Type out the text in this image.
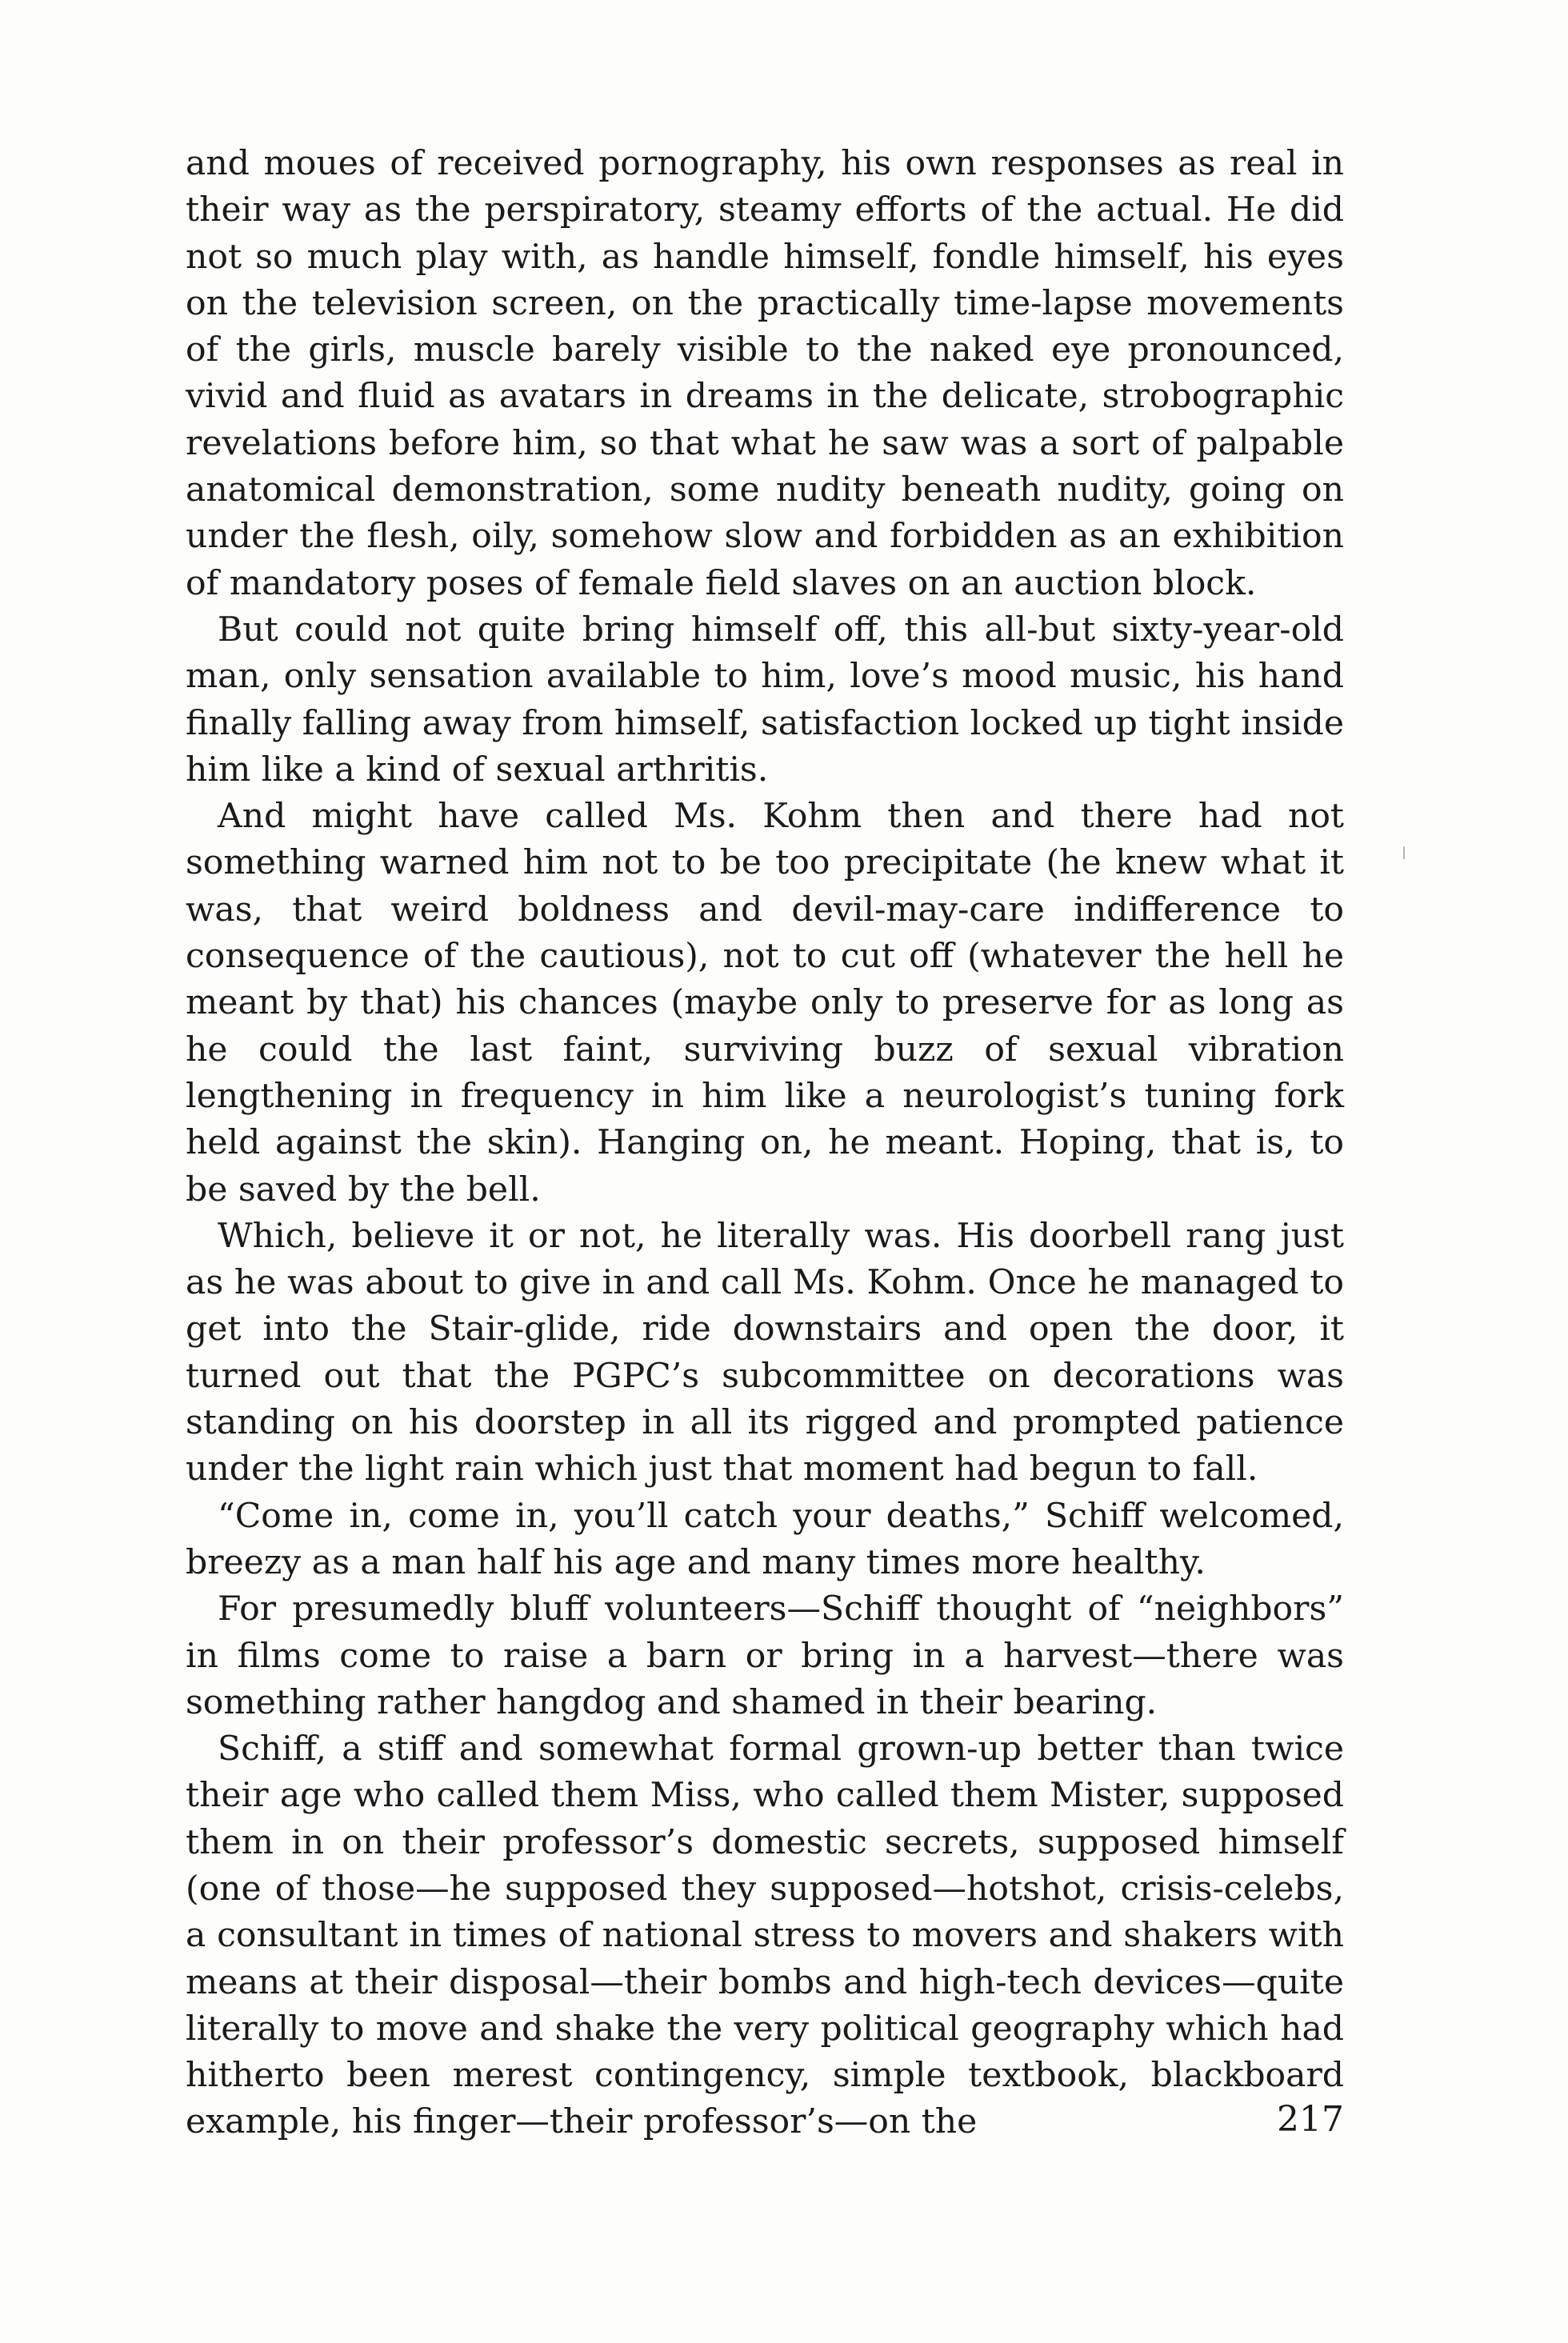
and moues of received pornography, his own responses as real in their way as the perspiratory, steamy efforts of the actual. He did not so much play with, as handle himself, fondle himself, his eyes on the television screen, on the practically time-lapse movements of the girls, muscle barely visible to the naked eye pronounced, vivid and fluid as avatars in dreams in the delicate, strobographic revelations before him, so that what he saw was a sort of palpable anatomical demonstration, some nudity beneath nudity, going on under the flesh, oily, somehow slow and forbidden as an exhibition of mandatory poses of female field slaves on an auction block.

But could not quite bring himself off, this all-but sixty-year-old man, only sensation available to him, love’s mood music, his hand finally falling away from himself, satisfaction locked up tight inside him like a kind of sexual arthritis.

And might have called Ms. Kohm then and there had not something warned him not to be too precipitate (he knew what it was, that weird boldness and devil-may-care indifference to consequence of the cautious), not to cut off (whatever the hell he meant by that) his chances (maybe only to preserve for as long as he could the last faint, surviving buzz of sexual vibration lengthening in frequency in him like a neurologist’s tuning fork held against the skin). Hanging on, he meant. Hoping, that is, to be saved by the bell.

Which, believe it or not, he literally was. His doorbell rang just as he was about to give in and call Ms. Kohm. Once he managed to get into the Stair-glide, ride downstairs and open the door, it turned out that the PGPC’s subcommittee on decorations was standing on his doorstep in all its rigged and prompted patience under the light rain which just that moment had begun to fall.

“Come in, come in, you’ll catch your deaths,” Schiff welcomed, breezy as a man half his age and many times more healthy.

For presumedly bluff volunteers—Schiff thought of “neighbors” in films come to raise a barn or bring in a harvest—there was something rather hangdog and shamed in their bearing.

Schiff, a stiff and somewhat formal grown-up better than twice their age who called them Miss, who called them Mister, supposed them in on their professor’s domestic secrets, supposed himself (one of those—he supposed they supposed—hotshot, crisis-celebs, a consultant in times of national stress to movers and shakers with means at their disposal—their bombs and high-tech devices—quite literally to move and shake the very political geography which had hitherto been merest contingency, simple textbook, blackboard example, his finger—their professor’s—on the	217
